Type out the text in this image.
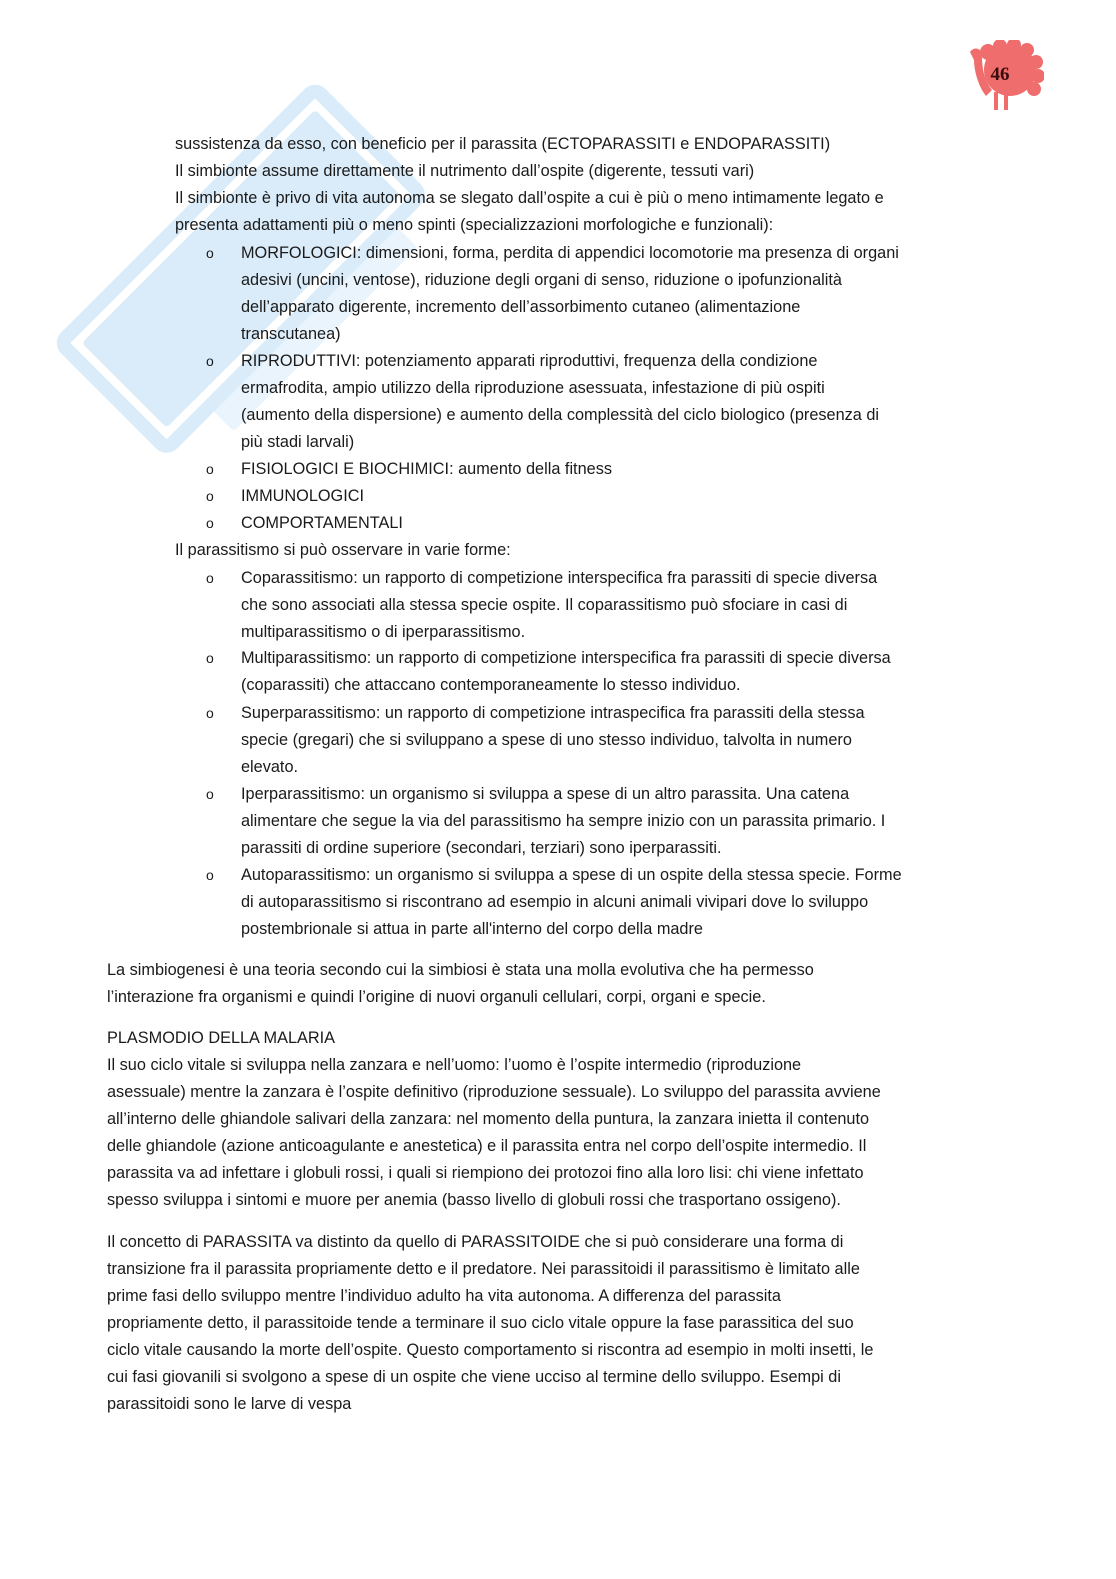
46
sussistenza da esso, con beneficio per il parassita (ECTOPARASSITI e ENDOPARASSITI)
Il simbionte assume direttamente il nutrimento dall’ospite (digerente, tessuti vari)
Il simbionte è privo di vita autonoma se slegato dall’ospite a cui è più o meno intimamente legato e
presenta adattamenti più o meno spinti (specializzazioni morfologiche e funzionali):
o MORFOLOGICI: dimensioni, forma, perdita di appendici locomotorie ma presenza di organi
adesivi (uncini, ventose), riduzione degli organi di senso, riduzione o ipofunzionalità
dell’apparato digerente, incremento dell’assorbimento cutaneo (alimentazione
transcutanea)
o RIPRODUTTIVI: potenziamento apparati riproduttivi, frequenza della condizione
ermafrodita, ampio utilizzo della riproduzione asessuata, infestazione di più ospiti
(aumento della dispersione) e aumento della complessità del ciclo biologico (presenza di
più stadi larvali)
o FISIOLOGICI E BIOCHIMICI: aumento della fitness
o IMMUNOLOGICI
o COMPORTAMENTALI
Il parassitismo si può osservare in varie forme:
o Coparassitismo: un rapporto di competizione interspecifica fra parassiti di specie diversa
che sono associati alla stessa specie ospite. Il coparassitismo può sfociare in casi di
multiparassitismo o di iperparassitismo.
o Multiparassitismo: un rapporto di competizione interspecifica fra parassiti di specie diversa
(coparassiti) che attaccano contemporaneamente lo stesso individuo.
o Superparassitismo: un rapporto di competizione intraspecifica fra parassiti della stessa
specie (gregari) che si sviluppano a spese di uno stesso individuo, talvolta in numero
elevato.
o Iperparassitismo: un organismo si sviluppa a spese di un altro parassita. Una catena
alimentare che segue la via del parassitismo ha sempre inizio con un parassita primario. I
parassiti di ordine superiore (secondari, terziari) sono iperparassiti.
o Autoparassitismo: un organismo si sviluppa a spese di un ospite della stessa specie. Forme
di autoparassitismo si riscontrano ad esempio in alcuni animali vivipari dove lo sviluppo
postembrionale si attua in parte all'interno del corpo della madre
La simbiogenesi è una teoria secondo cui la simbiosi è stata una molla evolutiva che ha permesso
l’interazione fra organismi e quindi l’origine di nuovi organuli cellulari, corpi, organi e specie.
PLASMODIO DELLA MALARIA
Il suo ciclo vitale si sviluppa nella zanzara e nell’uomo: l’uomo è l’ospite intermedio (riproduzione
asessuale) mentre la zanzara è l’ospite definitivo (riproduzione sessuale). Lo sviluppo del parassita avviene
all’interno delle ghiandole salivari della zanzara: nel momento della puntura, la zanzara inietta il contenuto
delle ghiandole (azione anticoagulante e anestetica) e il parassita entra nel corpo dell’ospite intermedio. Il
parassita va ad infettare i globuli rossi, i quali si riempiono dei protozoi fino alla loro lisi: chi viene infettato
spesso sviluppa i sintomi e muore per anemia (basso livello di globuli rossi che trasportano ossigeno).
Il concetto di PARASSITA va distinto da quello di PARASSITOIDE che si può considerare una forma di
transizione fra il parassita propriamente detto e il predatore. Nei parassitoidi il parassitismo è limitato alle
prime fasi dello sviluppo mentre l’individuo adulto ha vita autonoma. A differenza del parassita
propriamente detto, il parassitoide tende a terminare il suo ciclo vitale oppure la fase parassitica del suo
ciclo vitale causando la morte dell’ospite. Questo comportamento si riscontra ad esempio in molti insetti, le
cui fasi giovanili si svolgono a spese di un ospite che viene ucciso al termine dello sviluppo. Esempi di
parassitoidi sono le larve di vespa
